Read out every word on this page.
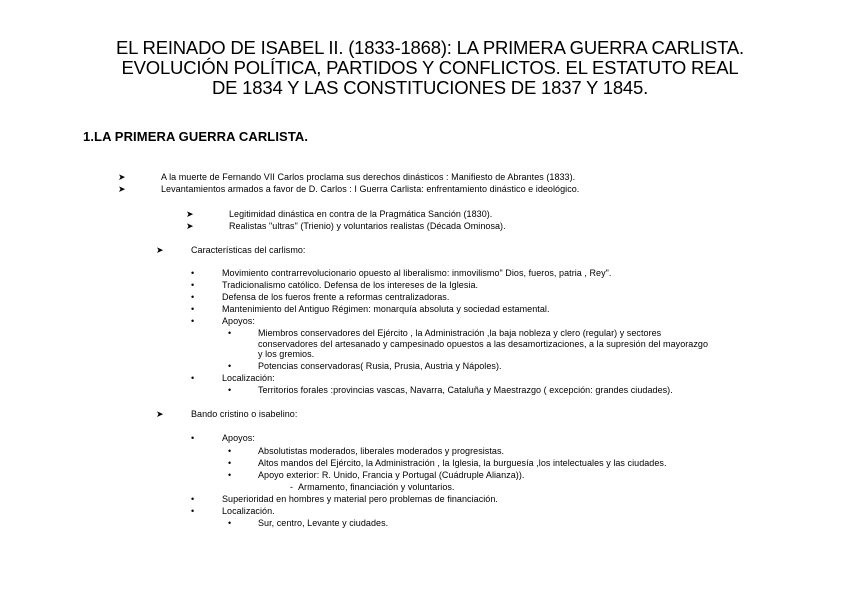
EL REINADO DE ISABEL II. (1833-1868): LA PRIMERA GUERRA CARLISTA.
EVOLUCIÓN POLÍTICA, PARTIDOS Y CONFLICTOS. EL ESTATUTO REAL
DE 1834 Y LAS CONSTITUCIONES DE 1837 Y 1845.
1.LA PRIMERA GUERRA CARLISTA.
➤	A la muerte de Fernando VII Carlos proclama sus derechos dinásticos : Manifiesto de Abrantes (1833).
➤	Levantamientos armados a favor de D. Carlos : I Guerra Carlista: enfrentamiento dinástico e ideológico.
➤	Legitimidad dinástica en contra de la Pragmática Sanción (1830).
➤	Realistas "ultras" (Trienio) y voluntarios realistas (Década Ominosa).
➤	Características del carlismo:
•	Movimiento contrarrevolucionario opuesto al liberalismo: inmovilismo" Dios, fueros, patria , Rey".
•	Tradicionalismo católico. Defensa de los intereses de la Iglesia.
•	Defensa de los fueros frente a reformas centralizadoras.
•	Mantenimiento del Antiguo Régimen: monarquía absoluta y sociedad estamental.
•	Apoyos:
•	Miembros conservadores del Ejército , la Administración ,la baja nobleza y clero (regular) y sectores
conservadores del artesanado y campesinado opuestos a las desamortizaciones, a la supresión del mayorazgo
y los gremios.
•	Potencias conservadoras( Rusia, Prusia, Austria y Nápoles).
•	Localización:
•	Territorios forales :provincias vascas, Navarra, Cataluña y Maestrazgo ( excepción: grandes ciudades).
➤	Bando cristino o isabelino:
•	Apoyos:
•	Absolutistas moderados, liberales moderados y progresistas.
•	Altos mandos del Ejército, la Administración , la Iglesia, la burguesía ,los intelectuales y las ciudades.
•	Apoyo exterior: R. Unido, Francia y Portugal (Cuádruple Alianza)).
- Armamento, financiación y voluntarios.
•	Superioridad en hombres y material pero problemas de financiación.
•	Localización.
•	Sur, centro, Levante y ciudades.
